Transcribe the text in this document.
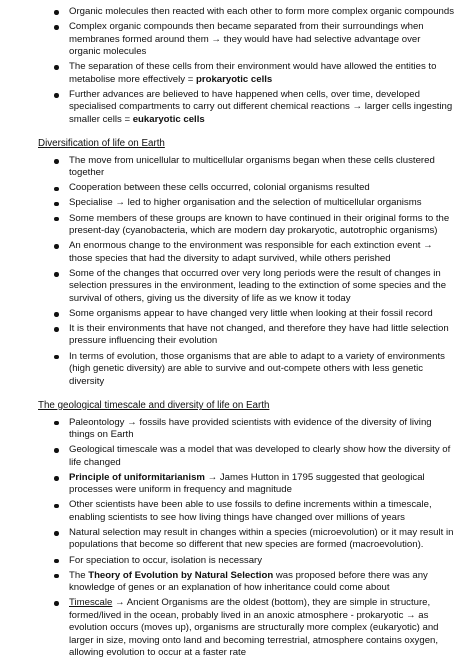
Organic molecules then reacted with each other to form more complex organic compounds
Complex organic compounds then became separated from their surroundings when membranes formed around them → they would have had selective advantage over organic molecules
The separation of these cells from their environment would have allowed the entities to metabolise more effectively = prokaryotic cells
Further advances are believed to have happened when cells, over time, developed specialised compartments to carry out different chemical reactions → larger cells ingesting smaller cells = eukaryotic cells
Diversification of life on Earth
The move from unicellular to multicellular organisms began when these cells clustered together
Cooperation between these cells occurred, colonial organisms resulted
Specialise → led to higher organisation and the selection of multicellular organisms
Some members of these groups are known to have continued in their original forms to the present-day (cyanobacteria, which are modern day prokaryotic, autotrophic organisms)
An enormous change to the environment was responsible for each extinction event → those species that had the diversity to adapt survived, while others perished
Some of the changes that occurred over very long periods were the result of changes in selection pressures in the environment, leading to the extinction of some species and the survival of others, giving us the diversity of life as we know it today
Some organisms appear to have changed very little when looking at their fossil record
It is their environments that have not changed, and therefore they have had little selection pressure influencing their evolution
In terms of evolution, those organisms that are able to adapt to a variety of environments (high genetic diversity) are able to survive and out-compete others with less genetic diversity
The geological timescale and diversity of life on Earth
Paleontology → fossils have provided scientists with evidence of the diversity of living things on Earth
Geological timescale was a model that was developed to clearly show how the diversity of life changed
Principle of uniformitarianism → James Hutton in 1795 suggested that geological processes were uniform in frequency and magnitude
Other scientists have been able to use fossils to define increments within a timescale, enabling scientists to see how living things have changed over millions of years
Natural selection may result in changes within a species (microevolution) or it may result in populations that become so different that new species are formed (macroevolution).
For speciation to occur, isolation is necessary
The Theory of Evolution by Natural Selection was proposed before there was any knowledge of genes or an explanation of how inheritance could come about
Timescale → Ancient Organisms are the oldest (bottom), they are simple in structure, formed/lived in the ocean, probably lived in an anoxic atmosphere - prokaryotic → as evolution occurs (moves up), organisms are structurally more complex (eukaryotic) and larger in size, moving onto land and becoming terrestrial, atmosphere contains oxygen, allowing evolution to occur at a faster rate
